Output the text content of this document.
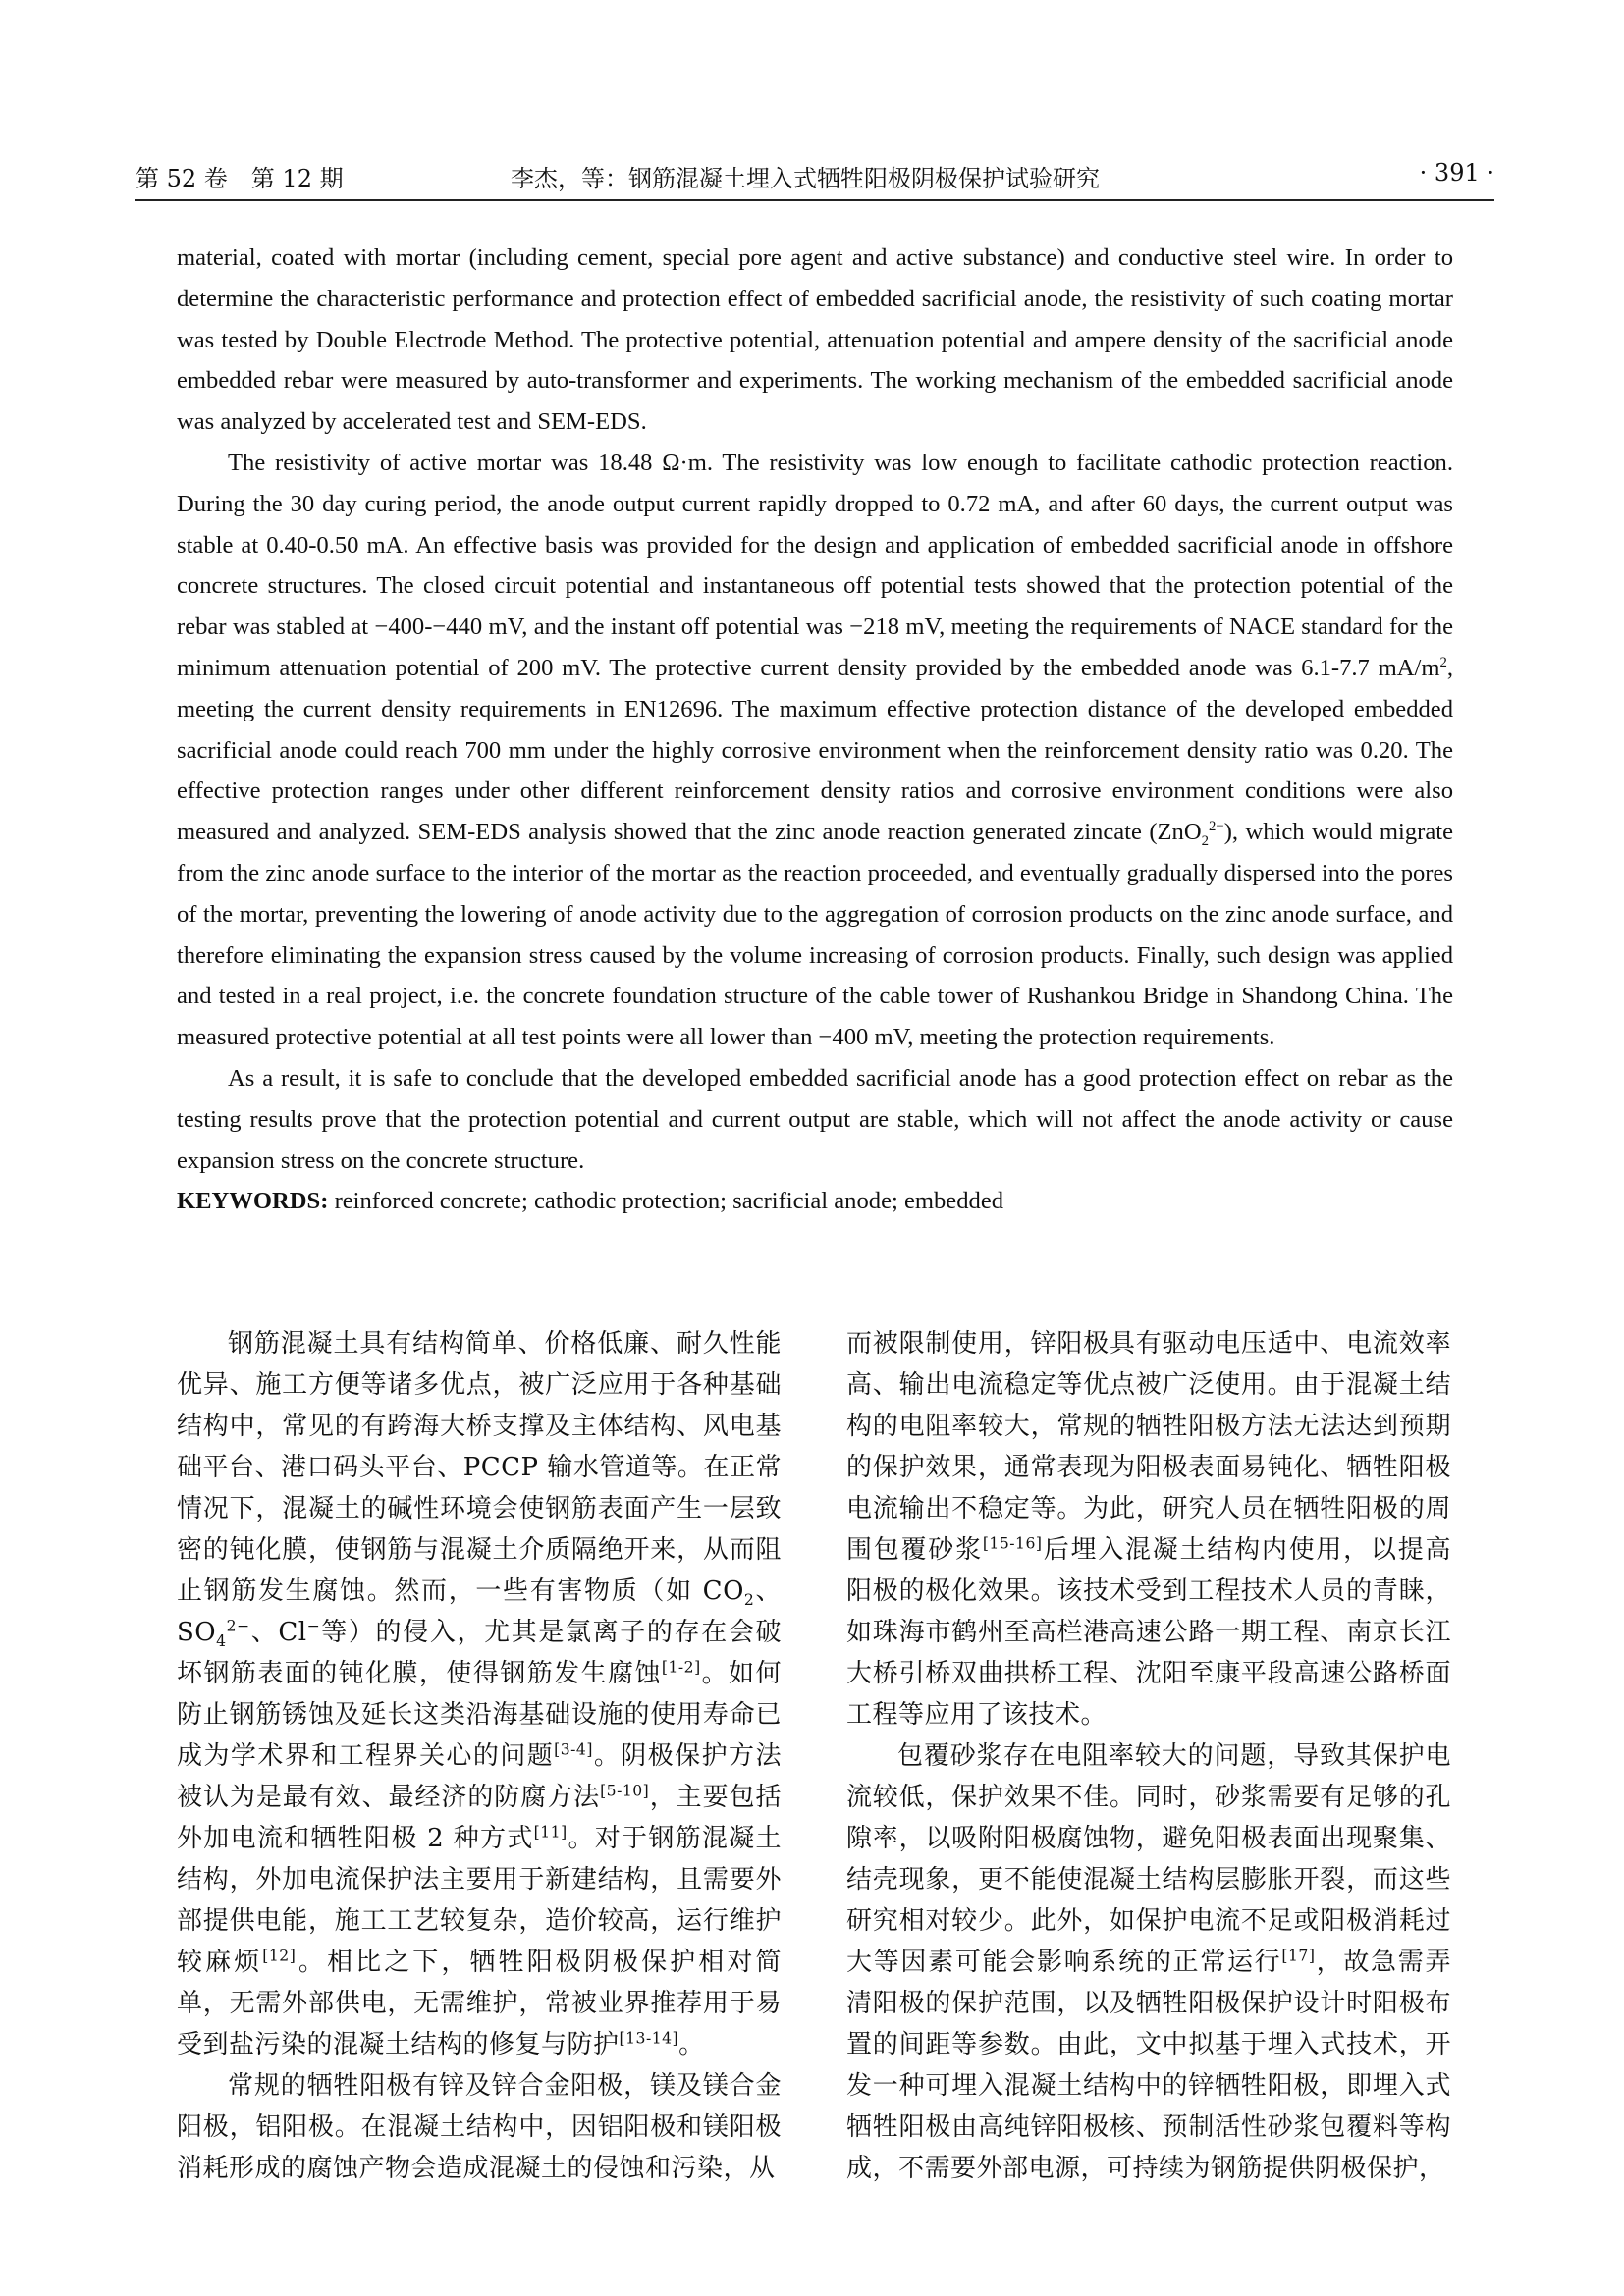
第 52 卷　第 12 期	李杰，等：钢筋混凝土埋入式牺牲阳极阴极保护试验研究	· 391 ·

material, coated with mortar (including cement, special pore agent and active substance) and conductive steel wire. In order to determine the characteristic performance and protection effect of embedded sacrificial anode, the resistivity of such coating mortar was tested by Double Electrode Method. The protective potential, attenuation potential and ampere density of the sacrificial anode embedded rebar were measured by auto-transformer and experiments. The working mechanism of the embedded sacrificial anode was analyzed by accelerated test and SEM-EDS.

The resistivity of active mortar was 18.48 Ω·m. The resistivity was low enough to facilitate cathodic protection reaction. During the 30 day curing period, the anode output current rapidly dropped to 0.72 mA, and after 60 days, the current output was stable at 0.40-0.50 mA. An effective basis was provided for the design and application of embedded sacrificial anode in offshore concrete structures. The closed circuit potential and instantaneous off potential tests showed that the protection potential of the rebar was stabled at −400-−440 mV, and the instant off potential was −218 mV, meeting the requirements of NACE standard for the minimum attenuation potential of 200 mV. The protective current density provided by the embedded anode was 6.1-7.7 $mA/m^2$, meeting the current density requirements in EN12696. The maximum effective protection distance of the developed embedded sacrificial anode could reach 700 mm under the highly corrosive environment when the reinforcement density ratio was 0.20. The effective protection ranges under other different reinforcement density ratios and corrosive environment conditions were also measured and analyzed. SEM-EDS analysis showed that the zinc anode reaction generated zincate (ZnO$_2^{2-}$), which would migrate from the zinc anode surface to the interior of the mortar as the reaction proceeded, and eventually gradually dispersed into the pores of the mortar, preventing the lowering of anode activity due to the aggregation of corrosion products on the zinc anode surface, and therefore eliminating the expansion stress caused by the volume increasing of corrosion products. Finally, such design was applied and tested in a real project, i.e. the concrete foundation structure of the cable tower of Rushankou Bridge in Shandong China. The measured protective potential at all test points were all lower than −400 mV, meeting the protection requirements.

As a result, it is safe to conclude that the developed embedded sacrificial anode has a good protection effect on rebar as the testing results prove that the protection potential and current output are stable, which will not affect the anode activity or cause expansion stress on the concrete structure.

KEYWORDS: reinforced concrete; cathodic protection; sacrificial anode; embedded

钢筋混凝土具有结构简单、价格低廉、耐久性能优异、施工方便等诸多优点，被广泛应用于各种基础结构中，常见的有跨海大桥支撑及主体结构、风电基础平台、港口码头平台、PCCP 输水管道等。在正常情况下，混凝土的碱性环境会使钢筋表面产生一层致密的钝化膜，使钢筋与混凝土介质隔绝开来，从而阻止钢筋发生腐蚀。然而，一些有害物质（如 $CO_2$、$SO_4^{2-}$、Cl−等）的侵入，尤其是氯离子的存在会破坏钢筋表面的钝化膜，使得钢筋发生腐蚀[1-2]。如何防止钢筋锈蚀及延长这类沿海基础设施的使用寿命已成为学术界和工程界关心的问题[3-4]。阴极保护方法被认为是最有效、最经济的防腐方法[5-10]，主要包括外加电流和牺牲阳极 2 种方式[11]。对于钢筋混凝土结构，外加电流保护法主要用于新建结构，且需要外部提供电能，施工工艺较复杂，造价较高，运行维护较麻烦[12]。相比之下，牺牲阳极阴极保护相对简单，无需外部供电，无需维护，常被业界推荐用于易受到盐污染的混凝土结构的修复与防护[13-14]。

常规的牺牲阳极有锌及锌合金阳极，镁及镁合金阳极，铝阳极。在混凝土结构中，因铝阳极和镁阳极消耗形成的腐蚀产物会造成混凝土的侵蚀和污染，从

而被限制使用，锌阳极具有驱动电压适中、电流效率高、输出电流稳定等优点被广泛使用。由于混凝土结构的电阻率较大，常规的牺牲阳极方法无法达到预期的保护效果，通常表现为阳极表面易钝化、牺牲阳极电流输出不稳定等。为此，研究人员在牺牲阳极的周围包覆砂浆[15-16]后埋入混凝土结构内使用，以提高阳极的极化效果。该技术受到工程技术人员的青睐，如珠海市鹤州至高栏港高速公路一期工程、南京长江大桥引桥双曲拱桥工程、沈阳至康平段高速公路桥面工程等应用了该技术。

包覆砂浆存在电阻率较大的问题，导致其保护电流较低，保护效果不佳。同时，砂浆需要有足够的孔隙率，以吸附阳极腐蚀物，避免阳极表面出现聚集、结壳现象，更不能使混凝土结构层膨胀开裂，而这些研究相对较少。此外，如保护电流不足或阳极消耗过大等因素可能会影响系统的正常运行[17]，故急需弄清阳极的保护范围，以及牺牲阳极保护设计时阳极布置的间距等参数。由此，文中拟基于埋入式技术，开发一种可埋入混凝土结构中的锌牺牲阳极，即埋入式牺牲阳极由高纯锌阳极核、预制活性砂浆包覆料等构成，不需要外部电源，可持续为钢筋提供阴极保护，
